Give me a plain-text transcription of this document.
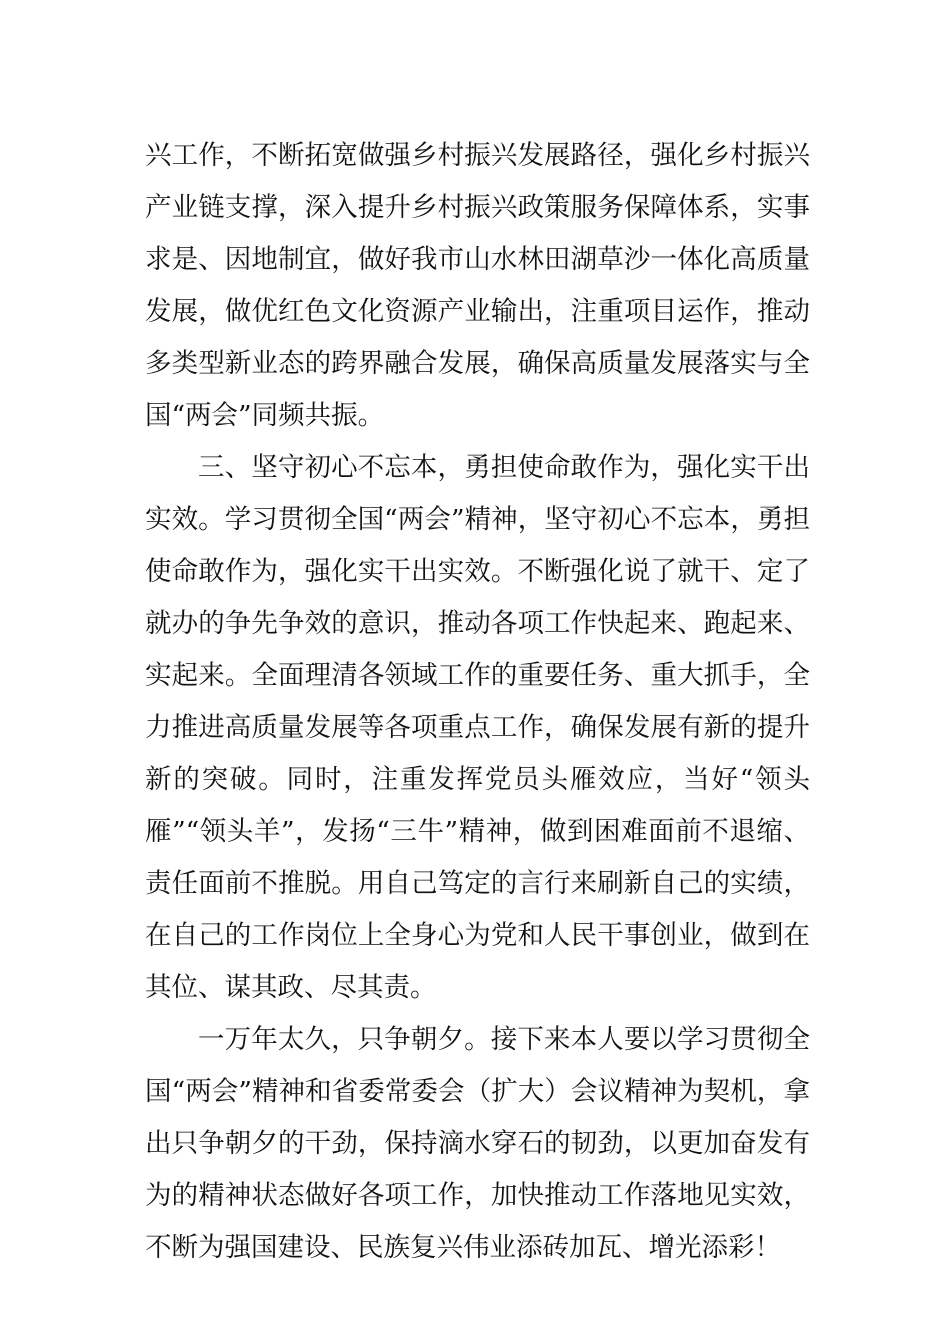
兴工作，不断拓宽做强乡村振兴发展路径，强化乡村振兴产业链支撑，深入提升乡村振兴政策服务保障体系，实事求是、因地制宜，做好我市山水林田湖草沙一体化高质量发展，做优红色文化资源产业输出，注重项目运作，推动多类型新业态的跨界融合发展，确保高质量发展落实与全国“两会”同频共振。

三、坚守初心不忘本，勇担使命敢作为，强化实干出实效。学习贯彻全国“两会”精神，坚守初心不忘本，勇担使命敢作为，强化实干出实效。不断强化说了就干、定了就办的争先争效的意识，推动各项工作快起来、跑起来、实起来。全面理清各领域工作的重要任务、重大抓手，全力推进高质量发展等各项重点工作，确保发展有新的提升新的突破。同时，注重发挥党员头雁效应，当好“领头雁”“领头羊”，发扬“三牛”精神，做到困难面前不退缩、责任面前不推脱。用自己笃定的言行来刷新自己的实绩，在自己的工作岗位上全身心为党和人民干事创业，做到在其位、谋其政、尽其责。

一万年太久，只争朝夕。接下来本人要以学习贯彻全国“两会”精神和省委常委会（扩大）会议精神为契机，拿出只争朝夕的干劲，保持滴水穿石的韧劲，以更加奋发有为的精神状态做好各项工作，加快推动工作落地见实效，不断为强国建设、民族复兴伟业添砖加瓦、增光添彩！
